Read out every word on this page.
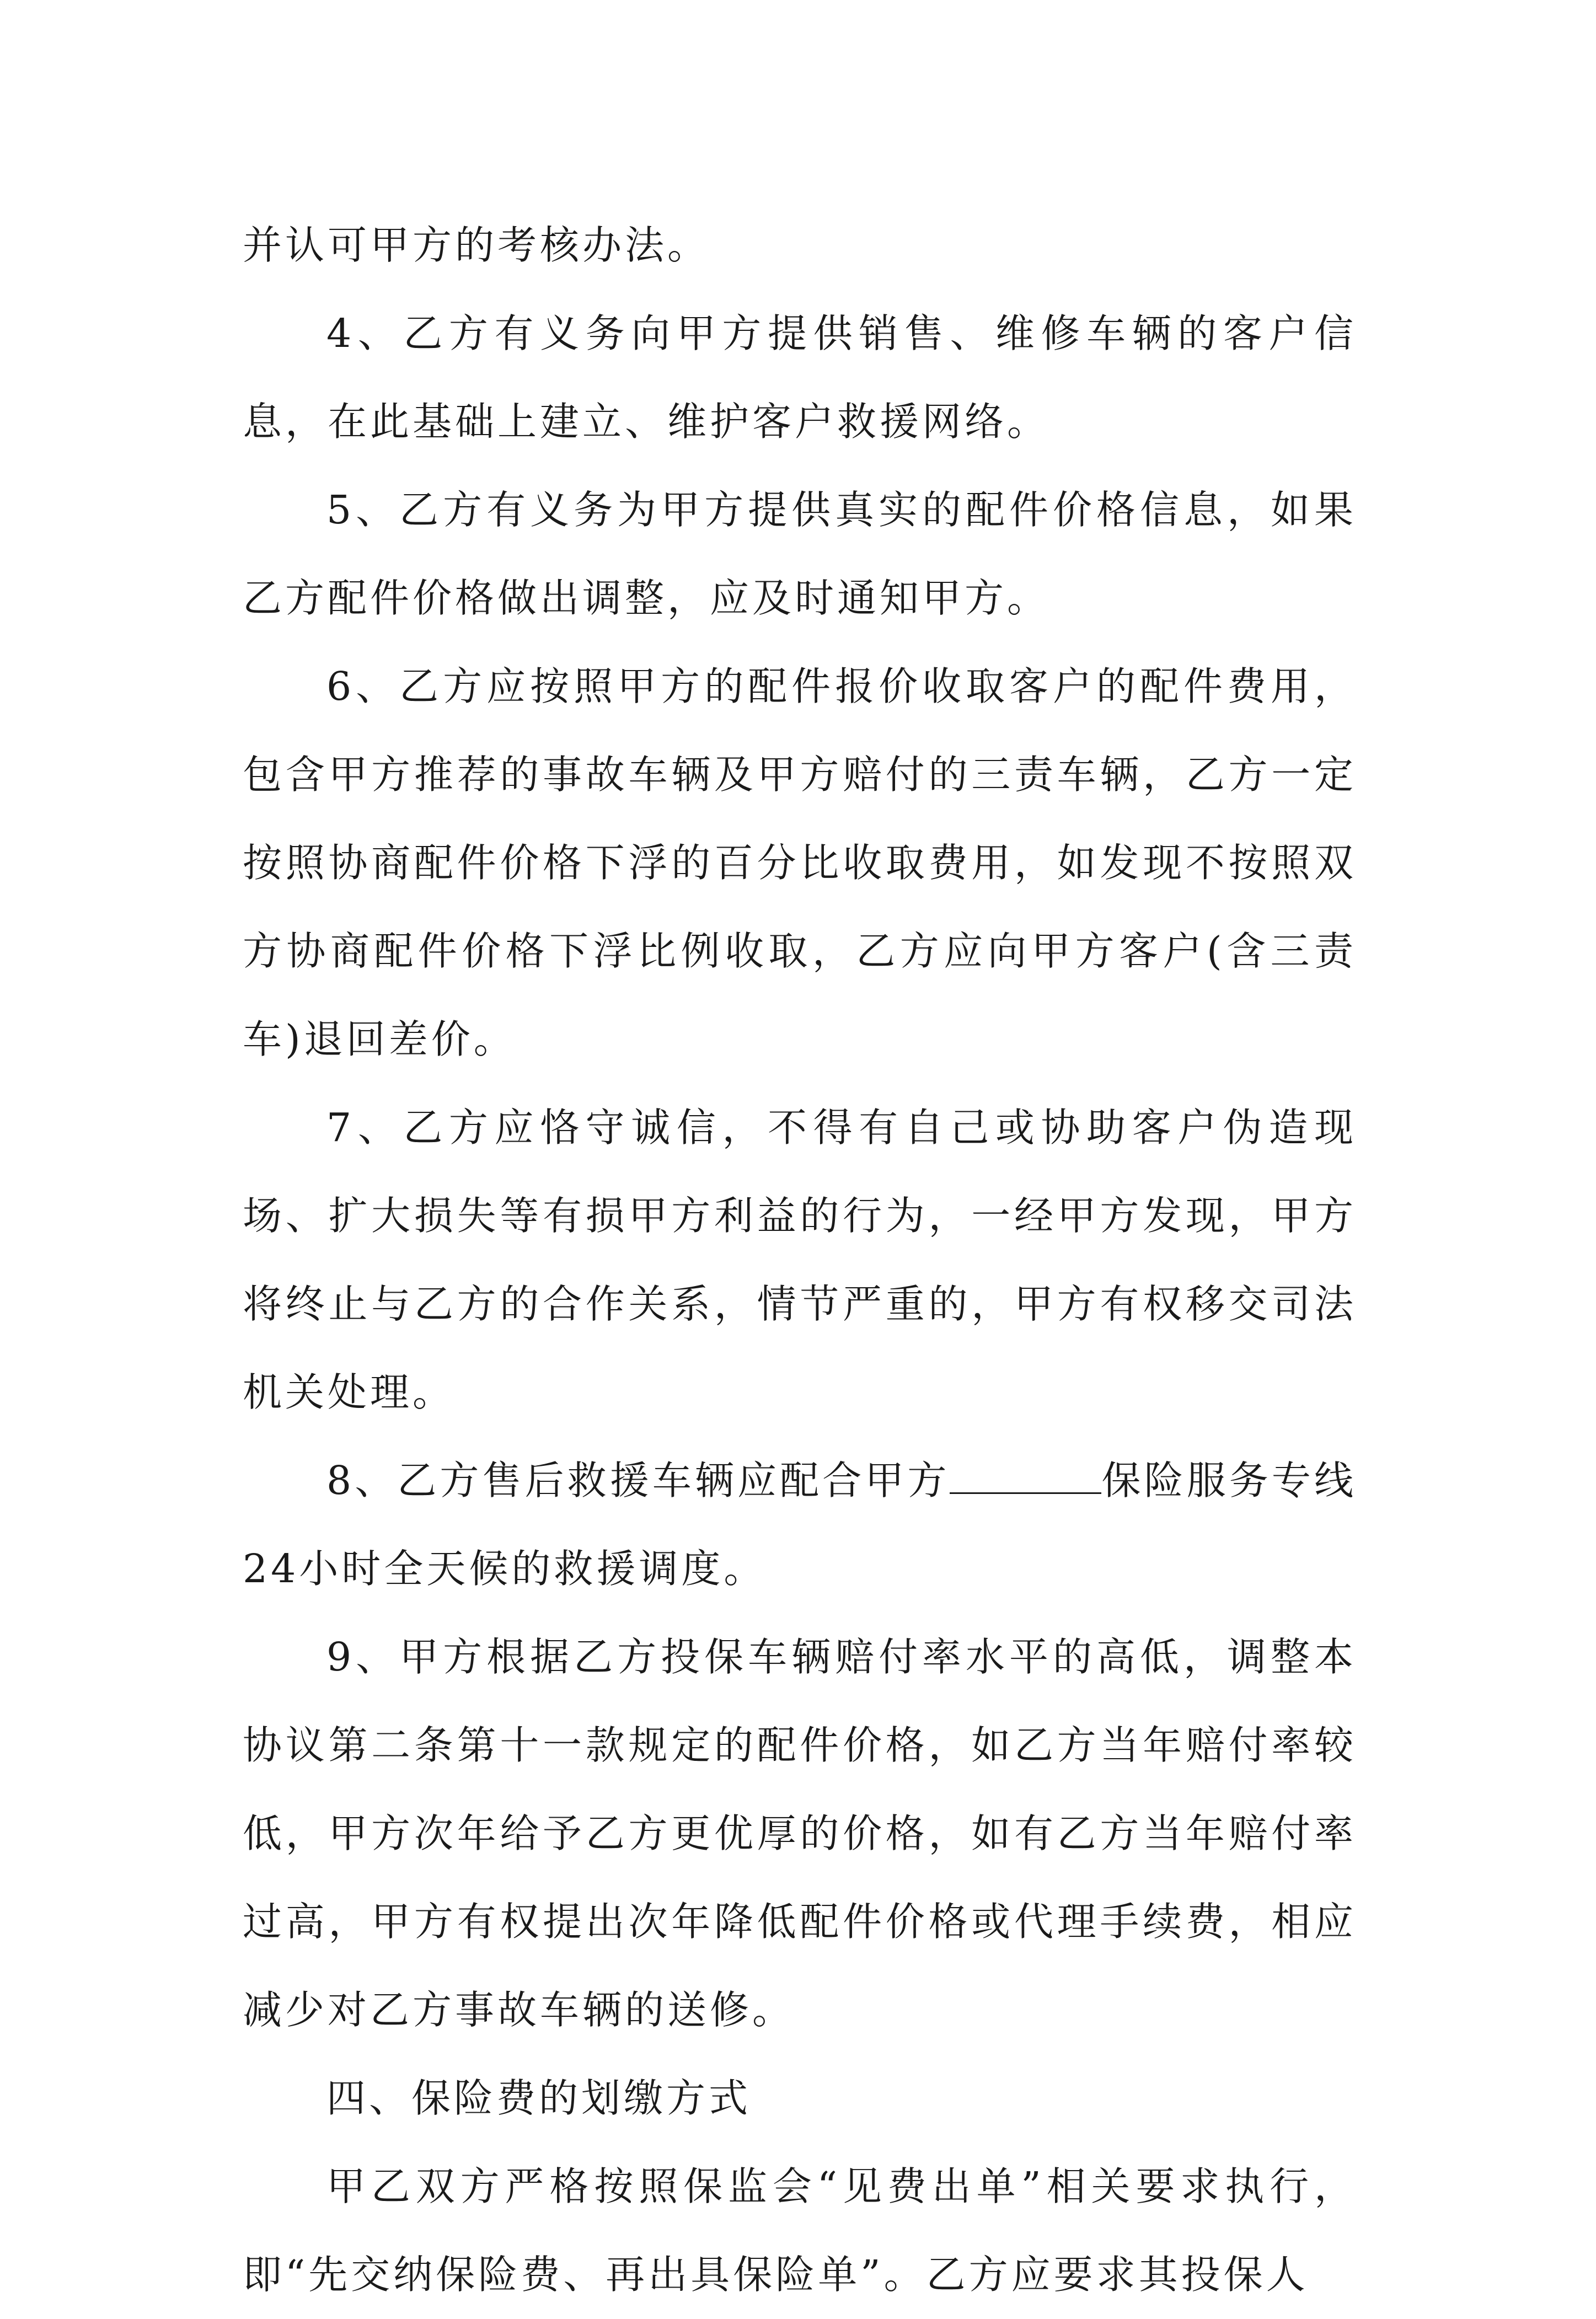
并认可甲方的考核办法。

4、乙方有义务向甲方提供销售、维修车辆的客户信息，在此基础上建立、维护客户救援网络。

5、乙方有义务为甲方提供真实的配件价格信息，如果乙方配件价格做出调整，应及时通知甲方。

6、乙方应按照甲方的配件报价收取客户的配件费用，包含甲方推荐的事故车辆及甲方赔付的三责车辆，乙方一定按照协商配件价格下浮的百分比收取费用，如发现不按照双方协商配件价格下浮比例收取，乙方应向甲方客户(含三责车)退回差价。

7、乙方应恪守诚信，不得有自己或协助客户伪造现场、扩大损失等有损甲方利益的行为，一经甲方发现，甲方将终止与乙方的合作关系，情节严重的，甲方有权移交司法机关处理。

8、乙方售后救援车辆应配合甲方	保险服务专线24小时全天候的救援调度。

9、甲方根据乙方投保车辆赔付率水平的高低，调整本协议第二条第十一款规定的配件价格，如乙方当年赔付率较低，甲方次年给予乙方更优厚的价格，如有乙方当年赔付率过高，甲方有权提出次年降低配件价格或代理手续费，相应减少对乙方事故车辆的送修。

四、保险费的划缴方式

甲乙双方严格按照保监会“见费出单”相关要求执行，即“先交纳保险费、再出具保险单”。乙方应要求其投保人
